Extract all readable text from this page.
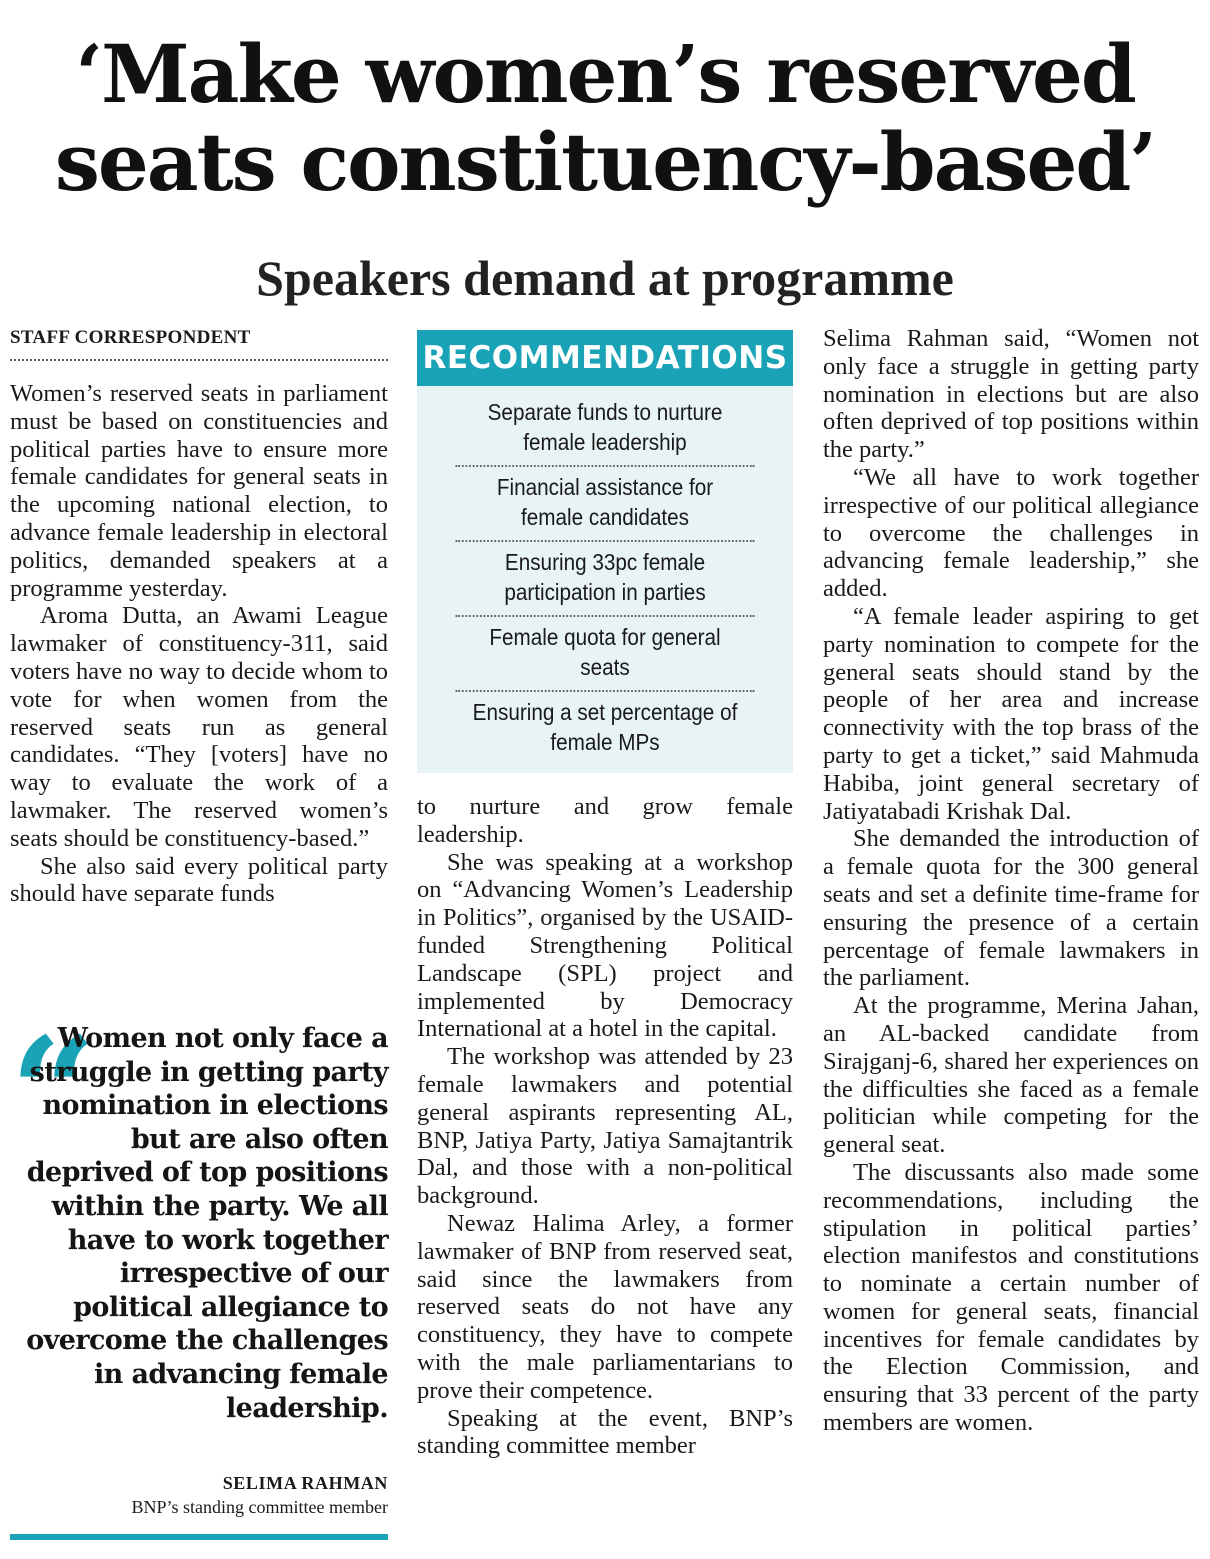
‘Make women’s reserved seats constituency-based’
Speakers demand at programme
STAFF CORRESPONDENT

Women’s reserved seats in parliament must be based on constituencies and political parties have to ensure more female candidates for general seats in the upcoming national election, to advance female leadership in electoral politics, demanded speakers at a programme yesterday.

Aroma Dutta, an Awami League lawmaker of constituency-311, said voters have no way to decide whom to vote for when women from the reserved seats run as general candidates. “They [voters] have no way to evaluate the work of a lawmaker. The reserved women’s seats should be constituency-based.”

She also said every political party should have separate funds

RECOMMENDATIONS
Separate funds to nurture female leadership
Financial assistance for female candidates
Ensuring 33pc female participation in parties
Female quota for general seats
Ensuring a set percentage of female MPs

to nurture and grow female leadership.

She was speaking at a workshop on “Advancing Women’s Leadership in Politics”, organised by the USAID-funded Strengthening Political Landscape (SPL) project and implemented by Democracy International at a hotel in the capital.

The workshop was attended by 23 female lawmakers and potential general aspirants representing AL, BNP, Jatiya Party, Jatiya Samajtantrik Dal, and those with a non-political background.

Newaz Halima Arley, a former lawmaker of BNP from reserved seat, said since the lawmakers from reserved seats do not have any constituency, they have to compete with the male parliamentarians to prove their competence.

Speaking at the event, BNP’s standing committee member

Selima Rahman said, “Women not only face a struggle in getting party nomination in elections but are also often deprived of top positions within the party.”

“We all have to work together irrespective of our political allegiance to overcome the challenges in advancing female leadership,” she added.

“A female leader aspiring to get party nomination to compete for the general seats should stand by the people of her area and increase connectivity with the top brass of the party to get a ticket,” said Mahmuda Habiba, joint general secretary of Jatiyatabadi Krishak Dal.

She demanded the introduction of a female quota for the 300 general seats and set a definite time-frame for ensuring the presence of a certain percentage of female lawmakers in the parliament.

At the programme, Merina Jahan, an AL-backed candidate from Sirajganj-6, shared her experiences on the difficulties she faced as a female politician while competing for the general seat.

The discussants also made some recommendations, including the stipulation in political parties’ election manifestos and constitutions to nominate a certain number of women for general seats, financial incentives for female candidates by the Election Commission, and ensuring that 33 percent of the party members are women.

“

Women not only face a struggle in getting party nomination in elections but are also often deprived of top positions within the party. We all have to work together irrespective of our political allegiance to overcome the challenges in advancing female leadership.

SELIMA RAHMAN
BNP’s standing committee member
